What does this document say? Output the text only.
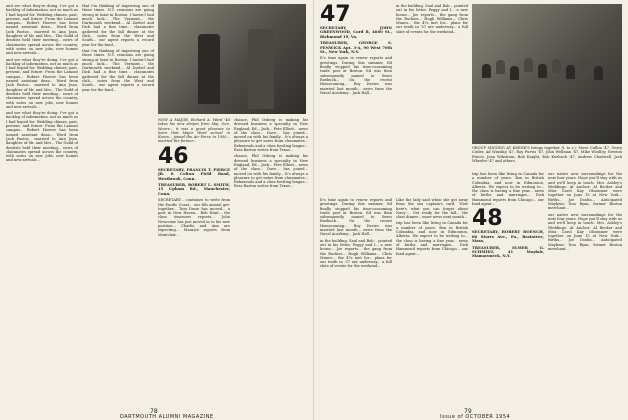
and see what they're doing. I've got a backlog of information, not as much as I had hoped for. Wedding chimes, past, present, and future: From the Lamont campus... Robert Hoover has been named assistant dean... Word from Jack Pastor... married to Ann Jean, daughter of Mr. and Mrs... The Guild of dentists held their meeting... news of classmates spread across the country, with notes on new jobs, new homes and new arrivals...

and see what they're doing. I've got a backlog of information, not as much as I had hoped for. Wedding chimes, past, present, and future: From the Lamont campus... Robert Hoover has been named assistant dean... Word from Jack Pastor... married to Ann Jean, daughter of Mr. and Mrs... The Guild of dentists held their meeting... news of classmates spread across the country, with notes on new jobs, new homes and new arrivals...

and see what they're doing. I've got a backlog of information, not as much as I had hoped for. Wedding chimes, past, present, and future: From the Lamont campus... Robert Hoover has been named assistant dean... Word from Jack Pastor... married to Ann Jean, daughter of Mr. and Mrs... The Guild of dentists held their meeting... news of classmates spread across the country, with notes on new jobs, new homes and new arrivals...

that I'm thinking of improving one of these times. N.Y. reunions are going strong at least in Boston. I haven't had much luck... The Vermont... the Dartmouth weekend... Al Zoebel and Dick had a fine time... classmates gathered for the fall dinner at the club... notes from the West and South... our agent reports a record year for the fund...

that I'm thinking of improving one of these times. N.Y. reunions are going strong at least in Boston. I haven't had much luck... The Vermont... the Dartmouth weekend... Al Zoebel and Dick had a fine time... classmates gathered for the fall dinner at the club... notes from the West and South... our agent reports a record year for the fund...

NOW A MAJOR, Richard A. Ward '46 takes his new stripes from Maj. Gen. Moore... it was a great pleasure to learn that Major Ward served in Korea... joined the Air Force in 1950... married the former...

46

SECRETARY, FRANCIS T. PIERCE JR. 8 Colton Field Road, Westbrook, Conn.

TREASURER, ROBERT L. SMITH, 15 Upham Rd., Manchester, Conn.

SECRETARY... continues to write from the Pacific Coast... our 4th annual get-together... Tom Dunn has moved... a post in New Haven... Bob Hunt... the class treasurer reports... John Newcome has just moved in to his new position... Charlie and Ann are expecting... Maurice reports from Montclair...

chance, Phil Osberg is making his dressed business a specialty in New England; Ed... Jack... Pete Elliott... news of the class... Dave... has joined... moved on with his family... It's always a pleasure to get notes from classmates... Rehearsals and a class bowling league... Ross Barton writes from Texas...

chance, Phil Osberg is making his dressed business a specialty in New England; Ed... Jack... Pete Elliott... news of the class... Dave... has joined... moved on with his family... It's always a pleasure to get notes from classmates... Rehearsals and a class bowling league... Ross Barton writes from Texas...

78
DARTMOUTH ALUMNI MAGAZINE
47

SECRETARY, JOHN GREENWOOD, Cord B, 4660 St., Richmond 19, Va.

TREASURER, GEORGE S. FENWICK Apt. 3-A, 90 West 70th St., New York, N.Y.

It's time again to renew reports and greetings. During this summer, Ed finally stopped his time-consuming trade post at Boston. Ed was then subsequently named to Sears Roebuck... On the recent Homecoming... Roy Davies was married last month... news from the Naval Academy... Jack Hall...

in the building. Saul and Bob... pointed out in his letter. Peggy and I... a new house... Joe reports... the gang from the Rockies... Hugh Williams... Chris Munro... the 47s met for... plans for our tenth in '57 are underway... a full slate of events for the weekend...

GROUP SINGING AT KEENE'S brings together (l. to r.): Steve Cullen '47, Gerry Cutler, Ad Winship '47, Ray Purvis '47, John Wellman '47, Mike Woolley, Newton Prince, Jean Wikstrom, Bob Knight, Bob Keebach '47, Andrew Chadwell, Jack Wheeler '47 and others.

It's time again to renew reports and greetings. During this summer, Ed finally stopped his time-consuming trade post at Boston. Ed was then subsequently named to Sears Roebuck... On the recent Homecoming... Roy Davies was married last month... news from the Naval Academy... Jack Hall...

in the building. Saul and Bob... pointed out in his letter. Peggy and I... a new house... Joe reports... the gang from the Rockies... Hugh Williams... Chris Munro... the 47s met for... plans for our tenth in '57 are underway... a full slate of events for the weekend...

Like the lady said when she got away from the sea captain's card, 'Now here's what you can forget about Navy.'... Get ready for the fall... the class dinner... more news next month...

trip has been like living in Canada for a number of years. Box in British Columbia, and now in Edmonton, Alberta. We expect to be writing to... the class is having a fine year... news of births and marriages... Dick Hammond reports from Chicago... our fund agent...

trip has been like living in Canada for a number of years. Box in British Columbia, and now in Edmonton, Alberta. We expect to be writing to... the class is having a fine year... news of births and marriages... Dick Hammond reports from Chicago... our fund agent...

48

SECRETARY, ROBERT BOENCH, 86 Storrs Ave., Pa., Braintree, Mass.

TREASURER, ELMER G. SCHMIDT, 41 Mayfair, Mamaroneck, N.Y.

our native new surroundings for the next four years. Hope you'll stay with us and we'll keep in touch. Mrs. Ashley's Weddings: At Anchor: Al Becker and Miss Carol Kay Olsommer were together on June 15 at New York... Births... Joe Doolin... Anticipated Mayhem: Don Ryan, former Boston merchant...

our native new surroundings for the next four years. Hope you'll stay with us and we'll keep in touch. Mrs. Ashley's Weddings: At Anchor: Al Becker and Miss Carol Kay Olsommer were together on June 15 at New York... Births... Joe Doolin... Anticipated Mayhem: Don Ryan, former Boston merchant...

79
Issue of OCTOBER 1954
